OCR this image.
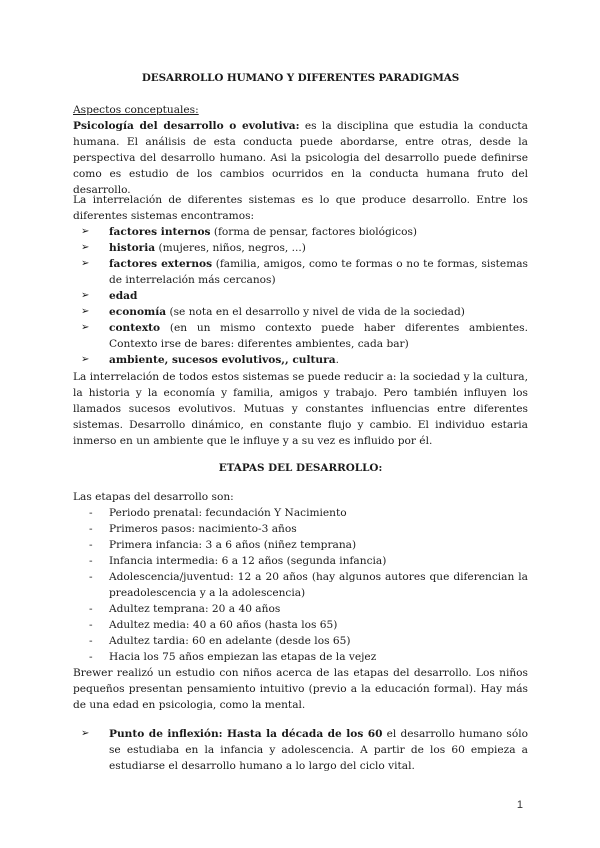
DESARROLLO HUMANO Y DIFERENTES PARADIGMAS
Aspectos conceptuales:
Psicología del desarrollo o evolutiva: es la disciplina que estudia la conducta humana. El análisis de esta conducta puede abordarse, entre otras, desde la perspectiva del desarrollo humano. Asi la psicologia del desarrollo puede definirse como es estudio de los cambios ocurridos en la conducta humana fruto del desarrollo.
La interrelación de diferentes sistemas es lo que produce desarrollo. Entre los diferentes sistemas encontramos:
➢ factores internos (forma de pensar, factores biológicos)
➢ historia (mujeres, niños, negros, ...)
➢ factores externos (familia, amigos, como te formas o no te formas, sistemas de interrelación más cercanos)
➢ edad
➢ economía (se nota en el desarrollo y nivel de vida de la sociedad)
➢ contexto (en un mismo contexto puede haber diferentes ambientes. Contexto irse de bares: diferentes ambientes, cada bar)
➢ ambiente, sucesos evolutivos,, cultura.
La interrelación de todos estos sistemas se puede reducir a: la sociedad y la cultura, la historia y la economía y familia, amigos y trabajo. Pero también influyen los llamados sucesos evolutivos. Mutuas y constantes influencias entre diferentes sistemas. Desarrollo dinámico, en constante flujo y cambio. El individuo estaria inmerso en un ambiente que le influye y a su vez es influido por él.
ETAPAS DEL DESARROLLO:
Las etapas del desarrollo son:
- Periodo prenatal: fecundación Y Nacimiento
- Primeros pasos: nacimiento-3 años
- Primera infancia: 3 a 6 años (niñez temprana)
- Infancia intermedia: 6 a 12 años (segunda infancia)
- Adolescencia/juventud: 12 a 20 años (hay algunos autores que diferencian la preadolescencia y a la adolescencia)
- Adultez temprana: 20 a 40 años
- Adultez media: 40 a 60 años (hasta los 65)
- Adultez tardia: 60 en adelante (desde los 65)
- Hacia los 75 años empiezan las etapas de la vejez
Brewer realizó un estudio con niños acerca de las etapas del desarrollo. Los niños pequeños presentan pensamiento intuitivo (previo a la educación formal). Hay más de una edad en psicologia, como la mental.
➢ Punto de inflexión: Hasta la década de los 60 el desarrollo humano sólo se estudiaba en la infancia y adolescencia. A partir de los 60 empieza a estudiarse el desarrollo humano a lo largo del ciclo vital.
1
